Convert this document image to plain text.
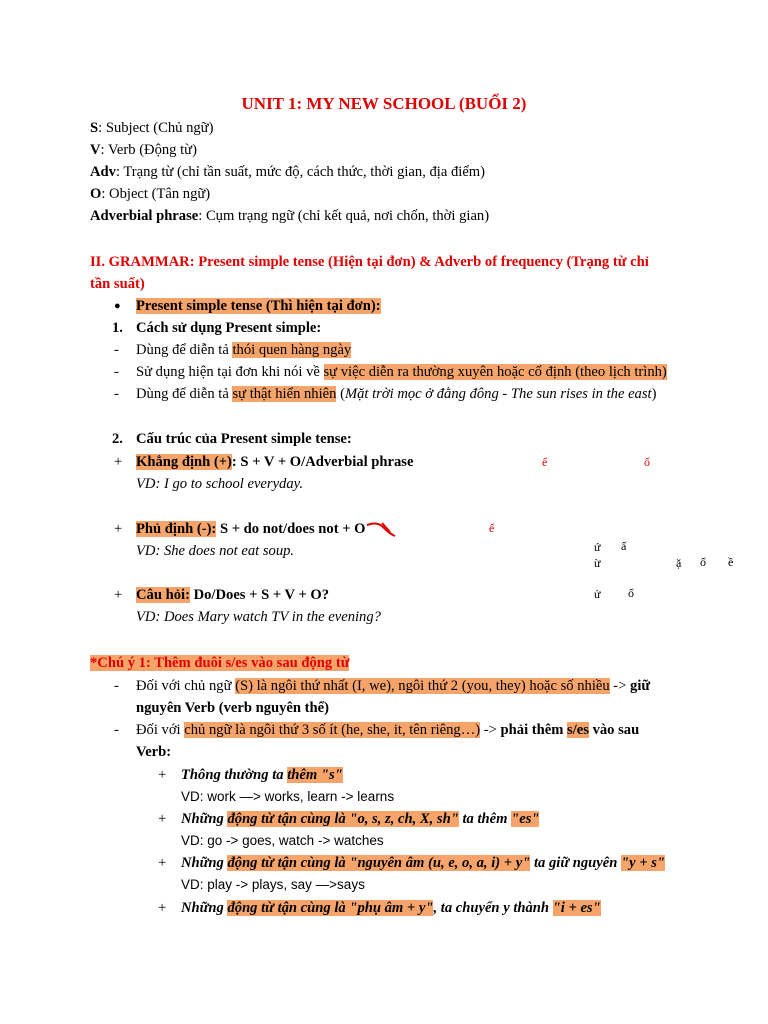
UNIT 1: MY NEW SCHOOL (BUỔI 2)
S: Subject (Chủ ngữ)
V: Verb (Động từ)
Adv: Trạng từ (chỉ tần suất, mức độ, cách thức, thời gian, địa điểm)
O: Object (Tân ngữ)
Adverbial phrase: Cụm trạng ngữ (chỉ kết quả, nơi chốn, thời gian)
II. GRAMMAR: Present simple tense (Hiện tại đơn) & Adverb of frequency (Trạng từ chỉ
tần suất)
● Present simple tense (Thì hiện tại đơn):
1. Cách sử dụng Present simple:
- Dùng để diễn tả thói quen hàng ngày
- Sử dụng hiện tại đơn khi nói về sự việc diễn ra thường xuyên hoặc cố định (theo lịch trình)
- Dùng để diễn tả sự thật hiển nhiên (Mặt trời mọc ở đằng đông - The sun rises in the east)
2. Cấu trúc của Present simple tense:
+ Khẳng định (+): S + V + O/Adverbial phrase	ể	ố
VD: I go to school everyday.
+ Phủ định (-): S + do not/does not + O	ể
VD: She does not eat soup.	ứ ấ
ừ	ặ ố ề
+ Câu hỏi: Do/Does + S + V + O?	ử ố
VD: Does Mary watch TV in the evening?
*Chú ý 1: Thêm đuôi s/es vào sau động từ
- Đối với chủ ngữ (S) là ngôi thứ nhất (I, we), ngôi thứ 2 (you, they) hoặc số nhiều -> giữ
nguyên Verb (verb nguyên thể)
- Đối với chủ ngữ là ngôi thứ 3 số ít (he, she, it, tên riêng…) -> phải thêm s/es vào sau
Verb:
+ Thông thường ta thêm "s"
VD: work —> works, learn -> learns
+ Những động từ tận cùng là "o, s, z, ch, X, sh" ta thêm "es"
VD: go -> goes, watch -> watches
+ Những động từ tận cùng là "nguyên âm (u, e, o, a, i) + y" ta giữ nguyên "y + s"
VD: play -> plays, say —>says
+ Những động từ tận cùng là "phụ âm + y", ta chuyển y thành "i + es"
